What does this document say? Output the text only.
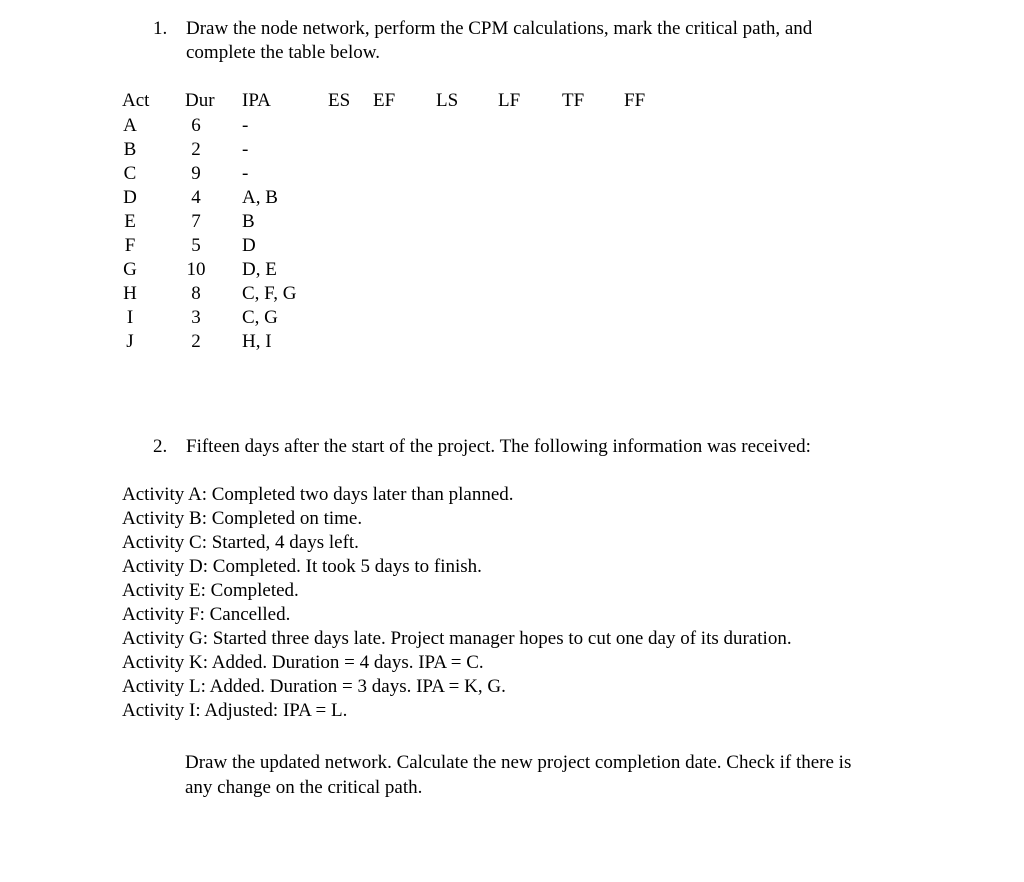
1. Draw the node network, perform the CPM calculations, mark the critical path, and
complete the table below.
Act Dur IPA	ES EF LS LF TF FF
A	6	-
B	2	-
C	9	-
D	4	A, B
E	7	B
F	5	D
G	10 D, E
H	8	C, F, G
I	3	C, G
J	2	H, I
2. Fifteen days after the start of the project. The following information was received:
Activity A: Completed two days later than planned.
Activity B: Completed on time.
Activity C: Started, 4 days left.
Activity D: Completed. It took 5 days to finish.
Activity E: Completed.
Activity F: Cancelled.
Activity G: Started three days late. Project manager hopes to cut one day of its duration.
Activity K: Added. Duration = 4 days. IPA = C.
Activity L: Added. Duration = 3 days. IPA = K, G.
Activity I: Adjusted: IPA = L.
Draw the updated network. Calculate the new project completion date. Check if there is
any change on the critical path.
